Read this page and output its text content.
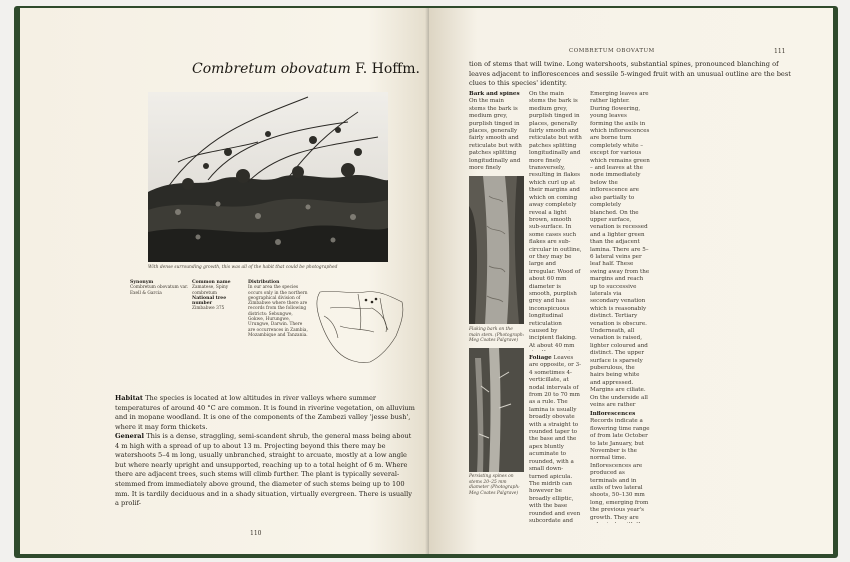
Combretum obovatum F. Hoffm.
With dense surrounding growth, this was all of the habit that could be photographed
Synonym
Combretum obovatum var. Exell & Garcia
Common name
Zamatese, Spiny combretum
National tree number
Zimbabwe 375
Distribution
In our area the species occurs only in the northern geographical division of Zimbabwe where there are records from the following districts: Sebungwe, Gokwe, Hurungwe, Urungwe, Darwin. There are occurrences in Zambia, Mozambique and Tanzania.
Habitat The species is located at low altitudes in river valleys where summer temperatures of around 40 °C are common. It is found in riverine vegetation, on alluvium and in mopane woodland. It is one of the components of the Zambezi valley 'jesse bush', where it may form thickets.
General This is a dense, straggling, semi-scandent shrub, the general mass being about 4 m high with a spread of up to about 13 m. Projecting beyond this there may be watershoots 5–4 m long, usually unbranched, straight to arcuate, mostly at a low angle but where nearly upright and unsupported, reaching up to a total height of 6 m. Where there are adjacent trees, such stems will climb further. The plant is typically several-stemmed from immediately above ground, the diameter of such stems being up to 100 mm. It is tardily deciduous and in a shady situation, virtually evergreen. There is usually a prolif-
110
COMBRETUM OBOVATUM	111
tion of stems that will twine. Long watershoots, substantial spines, pronounced blanching of leaves adjacent to inflorescences and sessile 5-winged fruit with an unusual outline are the best clues to this species' identity.
Bark and spines On the main stems the bark is medium grey, purplish tinged in places, generally fairly smooth and reticulate but with patches splitting longitudinally and more finely
Flaking bark on the main stem. (Photograph: Meg Coates Palgrave)
Persisting spines on stems 20–25 mm diameter (Photograph: Meg Coates Palgrave)
On the main stems the bark is medium grey, purplish tinged in places, generally fairly smooth and reticulate but with patches splitting longitudinally and more finely transversely, resulting in flakes which curl up at their margins and which on coming away completely reveal a light brown, smooth sub-surface. In some cases such flakes are sub-circular in outline, or they may be large and irregular. Wood of about 60 mm diameter is smooth, purplish grey and has inconspicuous longitudinal reticulation caused by incipient flaking. At about 40 mm
Foliage Leaves are opposite, or 3-4 sometimes 4-verticillate, at nodal intervals of from 20 to 70 mm as a rule. The lamina is usually broadly obovate with a straight to rounded taper to the base and the apex bluntly acuminate to rounded, with a small down-turned apicula. The midrib can however be broadly elliptic, with the base rounded and even subcordate and
Emerging leaves are rather lighter. During flowering, young leaves forming the axils in which inflorescences are borne turn completely white – except for various which remains green – and leaves at the node immediately below the inflorescence are also partially to completely blanched. On the upper surface, venation is recessed and a lighter green than the adjacent lamina. There are 5–6 lateral veins per leaf half. These swing away from the margins and reach up to successive laterals via secondary venation which is reasonably distinct. Tertiary venation is obscure. Underneath, all venation is raised, lighter coloured and distinct. The upper surface is sparsely puberulous, the hairs being white and appressed. Margins are ciliate. On the underside all veins are rather
Inflorescences Records indicate a flowering time range of from late October to late January, but November is the normal time. Inflorescences are produced as terminals and in axils of two lateral shoots, 50–130 mm long, emerging from the previous year's growth. They are
